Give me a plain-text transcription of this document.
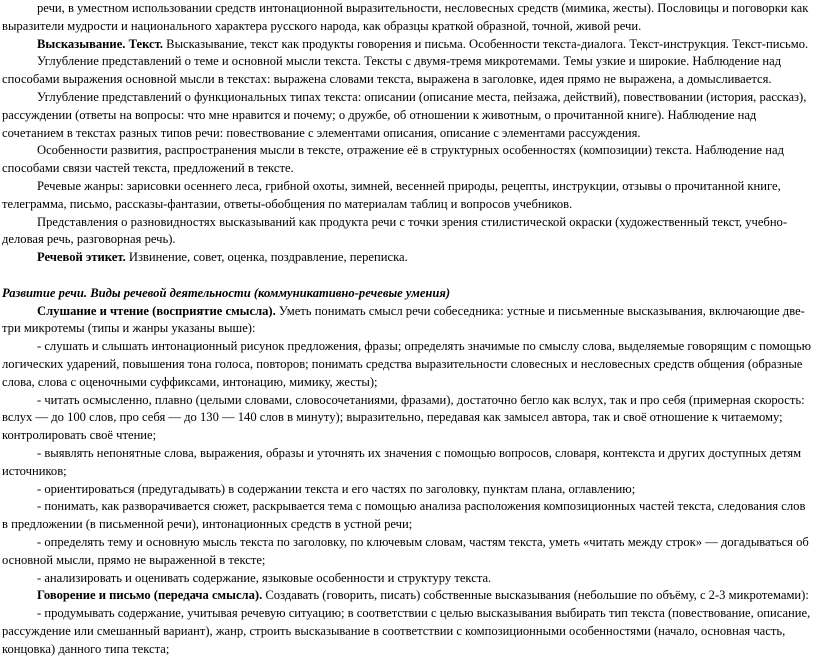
речи, в уместном использовании средств интонационной выразительности, несловесных средств (мимика, жесты). Пословицы и поговорки как выразители мудрости и национального характера русского народа, как образцы краткой образной, точной, живой речи.

Высказывание. Текст. Высказывание, текст как продукты говорения и письма. Особенности текста-диалога. Текст-инструкция. Текст-письмо.

Углубление представлений о теме и основной мысли текста. Тексты с двумя-тремя микротемами. Темы узкие и широкие. Наблюдение над способами выражения основной мысли в текстах: выражена словами текста, выражена в заголовке, идея прямо не выражена, а домысливается.

Углубление представлений о функциональных типах текста: описании (описание места, пейзажа, действий), повествовании (история, рассказ), рассуждении (ответы на вопросы: что мне нравится и почему; о дружбе, об отношении к животным, о прочитанной книге). Наблюдение над сочетанием в текстах разных типов речи: повествование с элементами описания, описание с элементами рассуждения.

Особенности развития, распространения мысли в тексте, отражение её в структурных особенностях (композиции) текста. Наблюдение над способами связи частей текста, предложений в тексте.

Речевые жанры: зарисовки осеннего леса, грибной охоты, зимней, весенней природы, рецепты, инструкции, отзывы о прочитанной книге, телеграмма, письмо, рассказы-фантазии, ответы-обобщения по материалам таблиц и вопросов учебников.

Представления о разновидностях высказываний как продукта речи с точки зрения стилистической окраски (художественный текст, учебно-деловая речь, разговорная речь).

Речевой этикет. Извинение, совет, оценка, поздравление, переписка.

Развитие речи. Виды речевой деятельности (коммуникативно-речевые умения)

Слушание и чтение (восприятие смысла). Уметь понимать смысл речи собеседника: устные и письменные высказывания, включающие две-три микротемы (типы и жанры указаны выше):

- слушать и слышать интонационный рисунок предложения, фразы; определять значимые по смыслу слова, выделяемые говорящим с помощью логических ударений, повышения тона голоса, повторов; понимать средства выразительности словесных и несловесных средств общения (образные слова, слова с оценочными суффиксами, интонацию, мимику, жесты);

- читать осмысленно, плавно (целыми словами, словосочетаниями, фразами), достаточно бегло как вслух, так и про себя (примерная скорость: вслух — до 100 слов, про себя — до 130 — 140 слов в минуту); выразительно, передавая как замысел автора, так и своё отношение к читаемому; контролировать своё чтение;

- выявлять непонятные слова, выражения, образы и уточнять их значения с помощью вопросов, словаря, контекста и других доступных детям источников;

- ориентироваться (предугадывать) в содержании текста и его частях по заголовку, пунктам плана, оглавлению;

- понимать, как разворачивается сюжет, раскрывается тема с помощью анализа расположения композиционных частей текста, следования слов в предложении (в письменной речи), интонационных средств в устной речи;

- определять тему и основную мысль текста по заголовку, по ключевым словам, частям текста, уметь «читать между строк» — догадываться об основной мысли, прямо не выраженной в тексте;

- анализировать и оценивать содержание, языковые особенности и структуру текста.

Говорение и письмо (передача смысла). Создавать (говорить, писать) собственные высказывания (небольшие по объёму, с 2-3 микротемами):

- продумывать содержание, учитывая речевую ситуацию; в соответствии с целью высказывания выбирать тип текста (повествование, описание, рассуждение или смешанный вариант), жанр, строить высказывание в соответствии с композиционными особенностями (начало, основная часть, концовка) данного типа текста;
